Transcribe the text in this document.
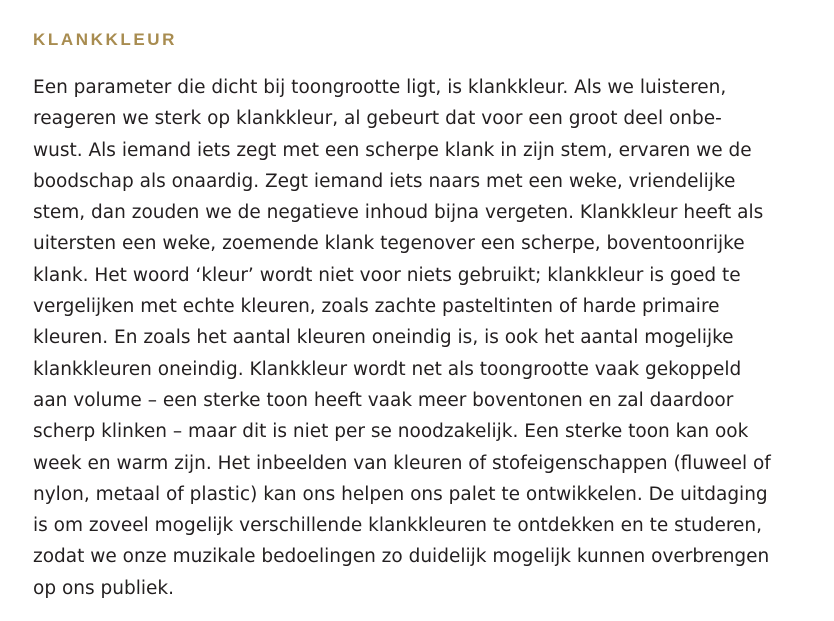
KLANKKLEUR
Een parameter die dicht bij toongrootte ligt, is klankkleur. Als we luisteren,
reageren we sterk op klankkleur, al gebeurt dat voor een groot deel onbe-
wust. Als iemand iets zegt met een scherpe klank in zijn stem, ervaren we de
boodschap als onaardig. Zegt iemand iets naars met een weke, vriendelijke
stem, dan zouden we de negatieve inhoud bijna vergeten. Klankkleur heeft als
uitersten een weke, zoemende klank tegenover een scherpe, boventoonrijke
klank. Het woord ‘kleur’ wordt niet voor niets gebruikt; klankkleur is goed te
vergelijken met echte kleuren, zoals zachte pasteltinten of harde primaire
kleuren. En zoals het aantal kleuren oneindig is, is ook het aantal mogelijke
klankkleuren oneindig. Klankkleur wordt net als toongrootte vaak gekoppeld
aan volume – een sterke toon heeft vaak meer boventonen en zal daardoor
scherp klinken – maar dit is niet per se noodzakelijk. Een sterke toon kan ook
week en warm zijn. Het inbeelden van kleuren of stofeigenschappen (fluweel of
nylon, metaal of plastic) kan ons helpen ons palet te ontwikkelen. De uitdaging
is om zoveel mogelijk verschillende klankkleuren te ontdekken en te studeren,
zodat we onze muzikale bedoelingen zo duidelijk mogelijk kunnen overbrengen
op ons publiek.
